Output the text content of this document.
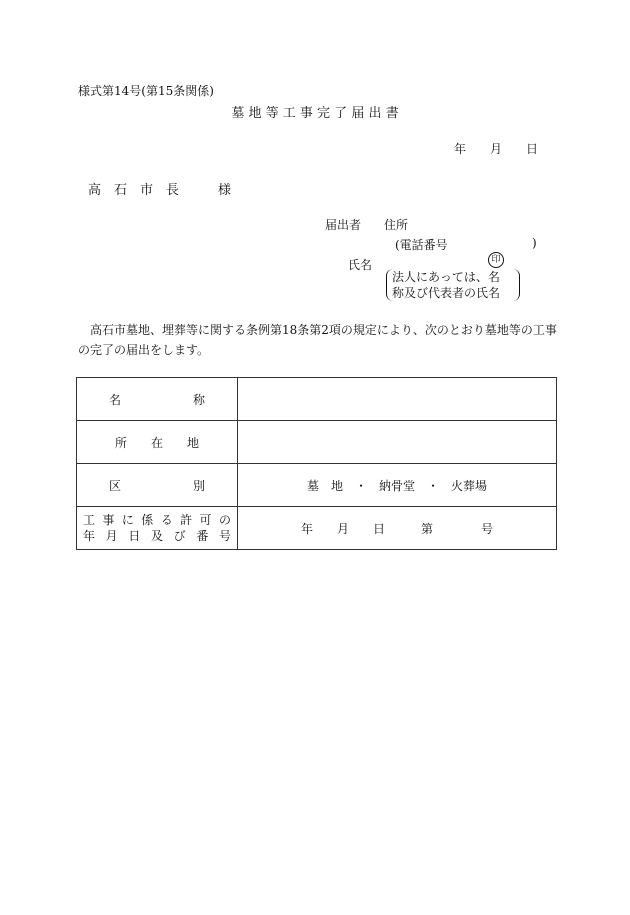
様式第14号(第15条関係)
墓 地 等 工 事 完 了 届 出 書
年　　月　　日
高　石　市　長	様
届出者 住所
(電話番号	)
氏名	印
法人にあっては、名
称及び代表者の氏名
　高石市墓地、埋葬等に関する条例第18条第2項の規定により、次のとおり墓地等の工事の完了の届出をします。
名　　　　　　称	
所　　在　　地	
区　　　　　　別	墓　地　・　納骨堂　・　火葬場

工事に係る許可の
年月日及び番号	年　　月　　日　　　第　　　　号
